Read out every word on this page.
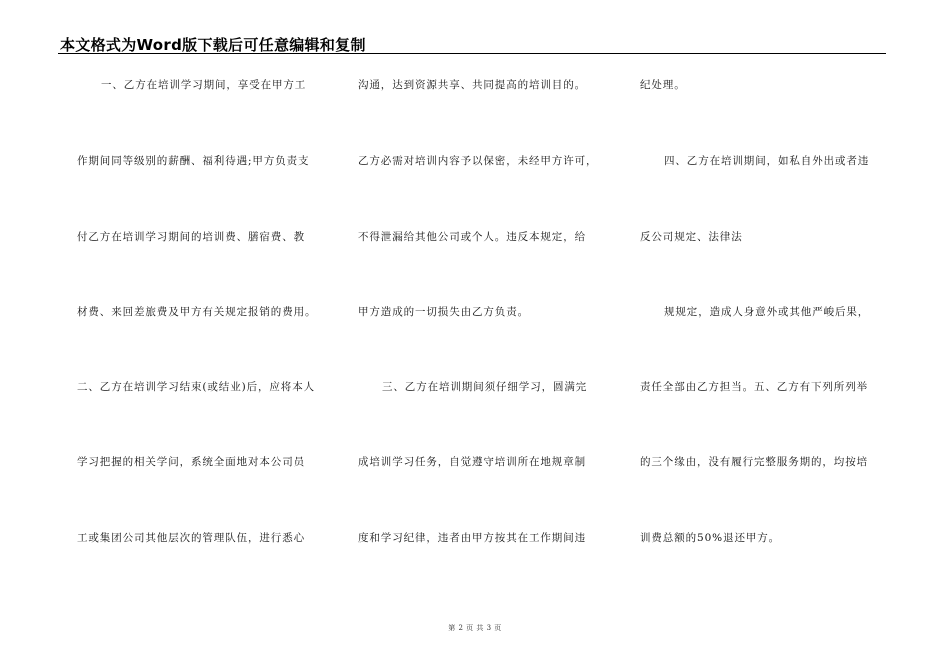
本文格式为Word版下载后可任意编辑和复制
一、乙方在培训学习期间，享受在甲方工
作期间同等级别的薪酬、福利待遇;甲方负责支
付乙方在培训学习期间的培训费、膳宿费、教
材费、来回差旅费及甲方有关规定报销的费用。
二、乙方在培训学习结束(或结业)后，应将本人
学习把握的相关学问，系统全面地对本公司员
工或集团公司其他层次的管理队伍，进行悉心
沟通，达到资源共享、共同提高的培训目的。
乙方必需对培训内容予以保密，未经甲方许可，
不得泄漏给其他公司或个人。违反本规定，给
甲方造成的一切损失由乙方负责。
三、乙方在培训期间须仔细学习，圆满完
成培训学习任务，自觉遵守培训所在地规章制
度和学习纪律，违者由甲方按其在工作期间违
纪处理。
四、乙方在培训期间，如私自外出或者违
反公司规定、法律法
规规定，造成人身意外或其他严峻后果，
责任全部由乙方担当。五、乙方有下列所列举
的三个缘由，没有履行完整服务期的，均按培
训费总额的50%退还甲方。
第 2 页 共 3 页
